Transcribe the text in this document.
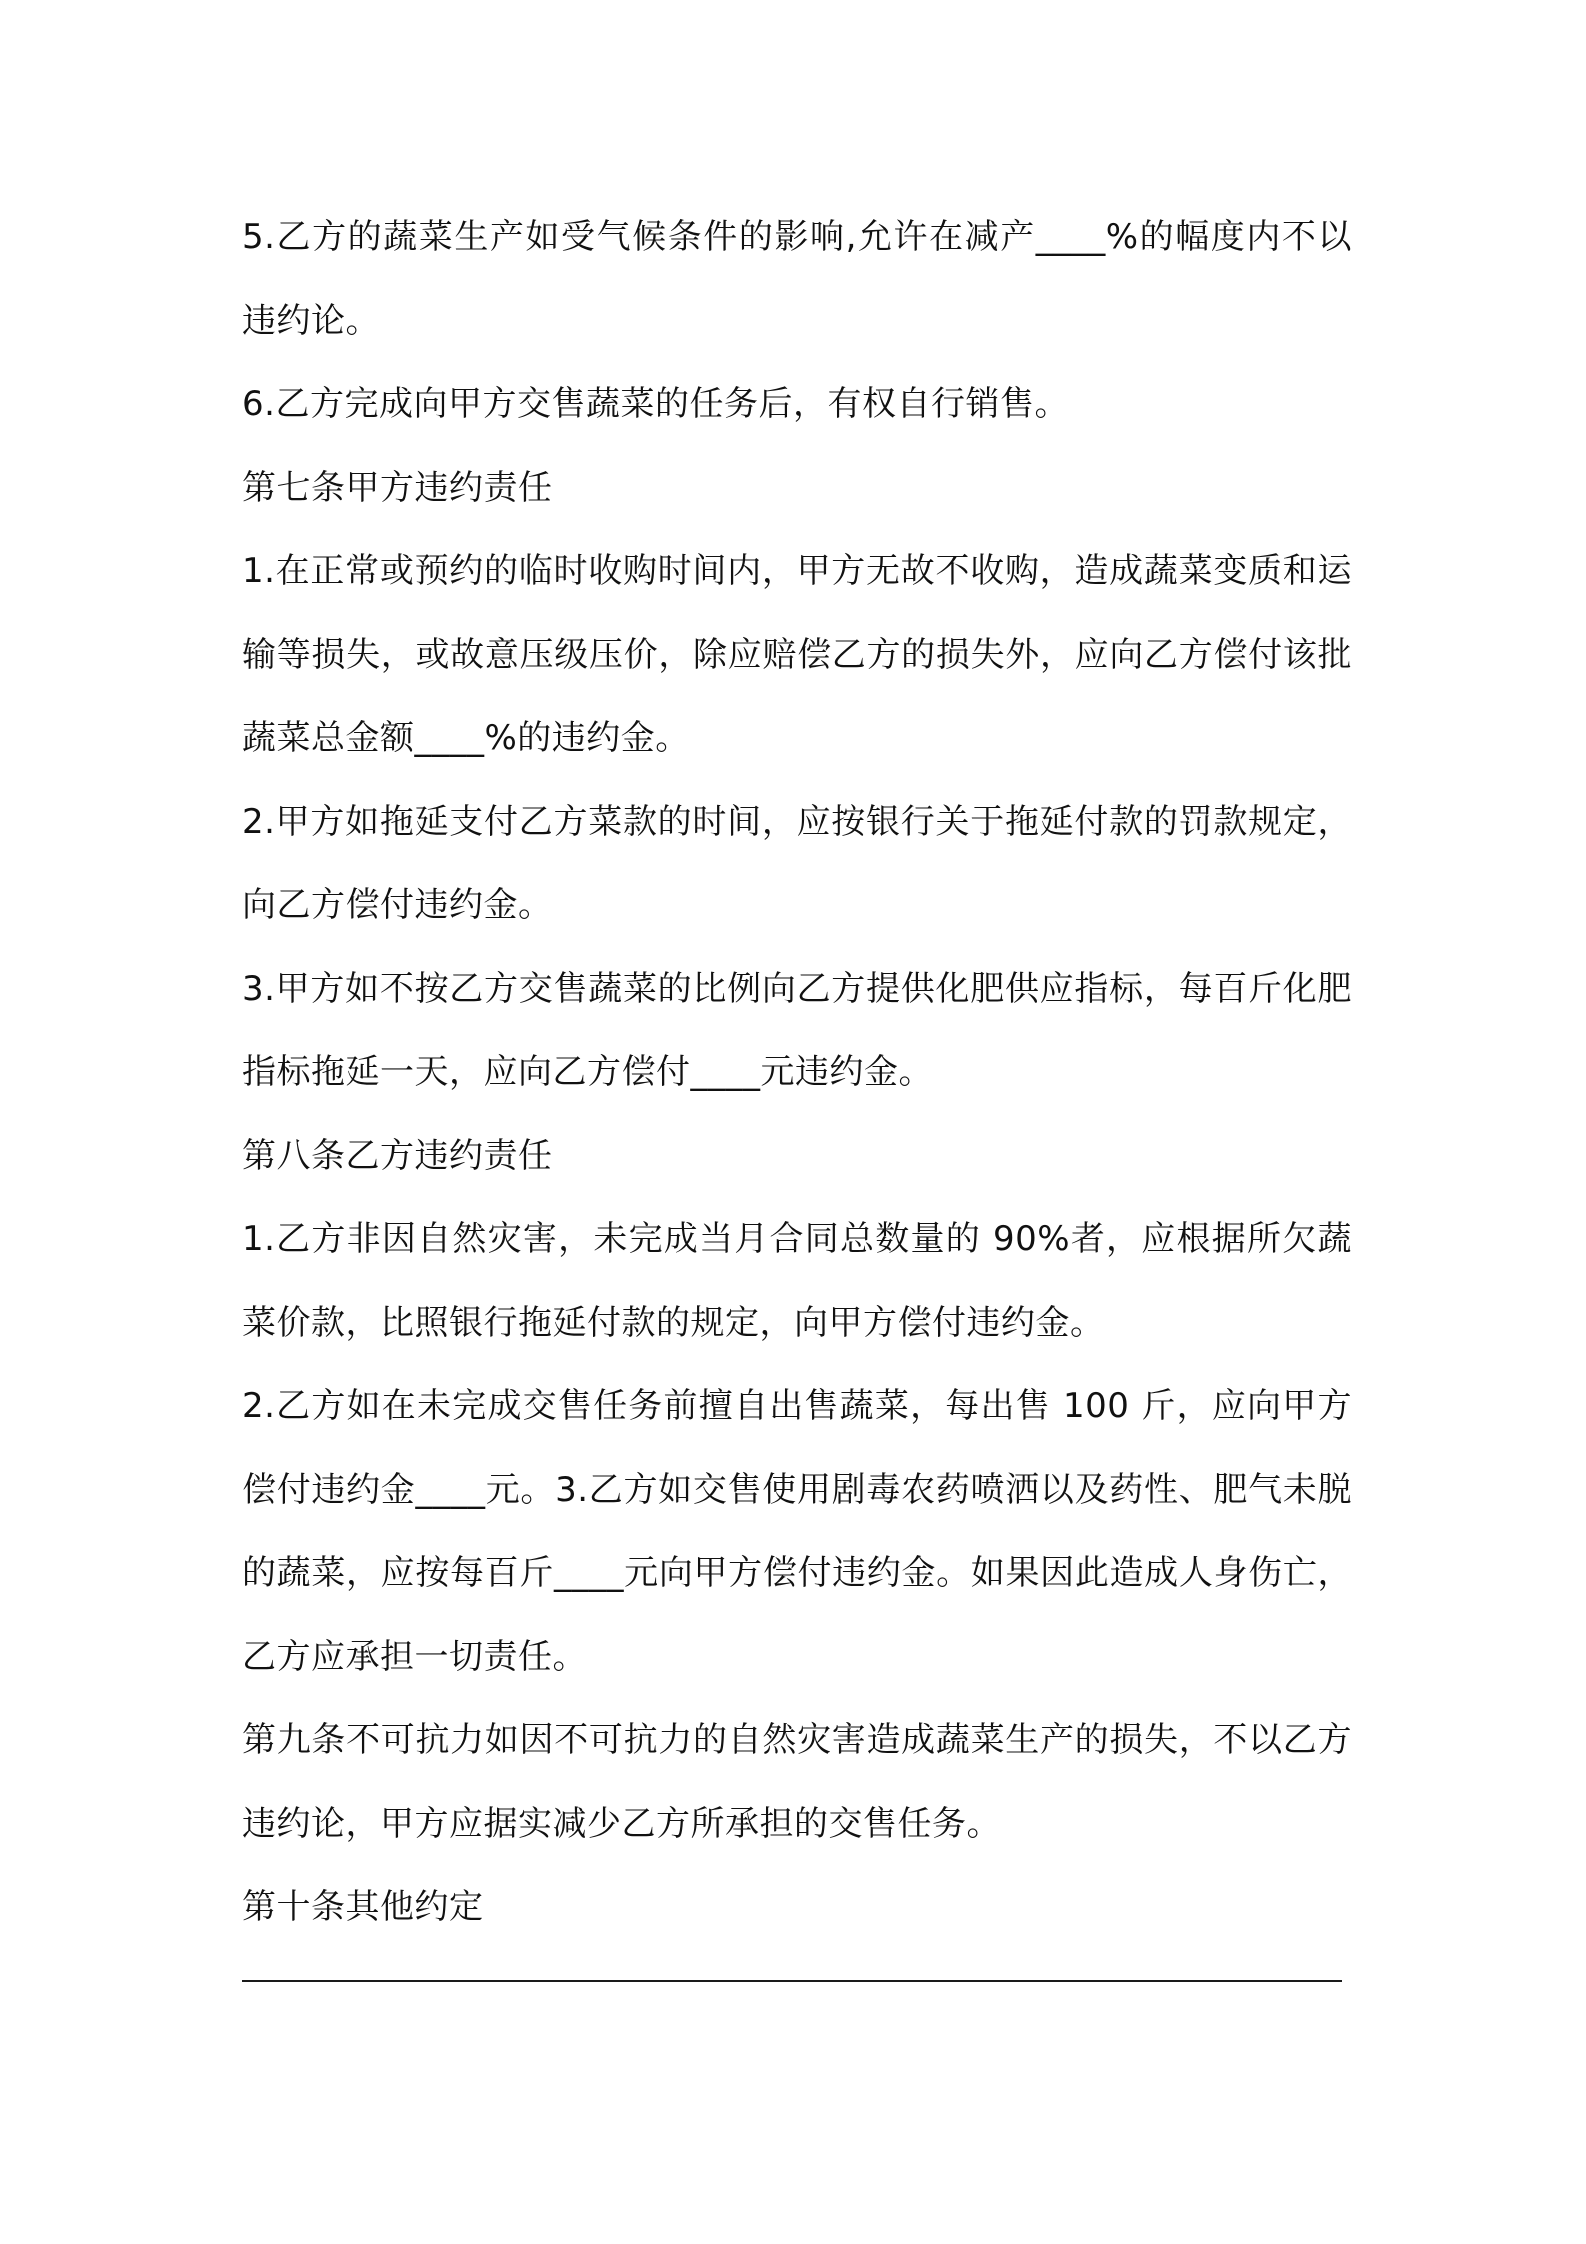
5.乙方的蔬菜生产如受气候条件的影响,允许在减产____%的幅度内不以违约论。

6.乙方完成向甲方交售蔬菜的任务后，有权自行销售。

第七条甲方违约责任

1.在正常或预约的临时收购时间内，甲方无故不收购，造成蔬菜变质和运输等损失，或故意压级压价，除应赔偿乙方的损失外，应向乙方偿付该批蔬菜总金额____%的违约金。

2.甲方如拖延支付乙方菜款的时间，应按银行关于拖延付款的罚款规定，向乙方偿付违约金。

3.甲方如不按乙方交售蔬菜的比例向乙方提供化肥供应指标，每百斤化肥指标拖延一天，应向乙方偿付____元违约金。

第八条乙方违约责任

1.乙方非因自然灾害，未完成当月合同总数量的 90%者，应根据所欠蔬菜价款，比照银行拖延付款的规定，向甲方偿付违约金。

2.乙方如在未完成交售任务前擅自出售蔬菜，每出售 100 斤，应向甲方偿付违约金____元。3.乙方如交售使用剧毒农药喷洒以及药性、肥气未脱的蔬菜，应按每百斤____元向甲方偿付违约金。如果因此造成人身伤亡，乙方应承担一切责任。

第九条不可抗力如因不可抗力的自然灾害造成蔬菜生产的损失，不以乙方违约论，甲方应据实减少乙方所承担的交售任务。

第十条其他约定
